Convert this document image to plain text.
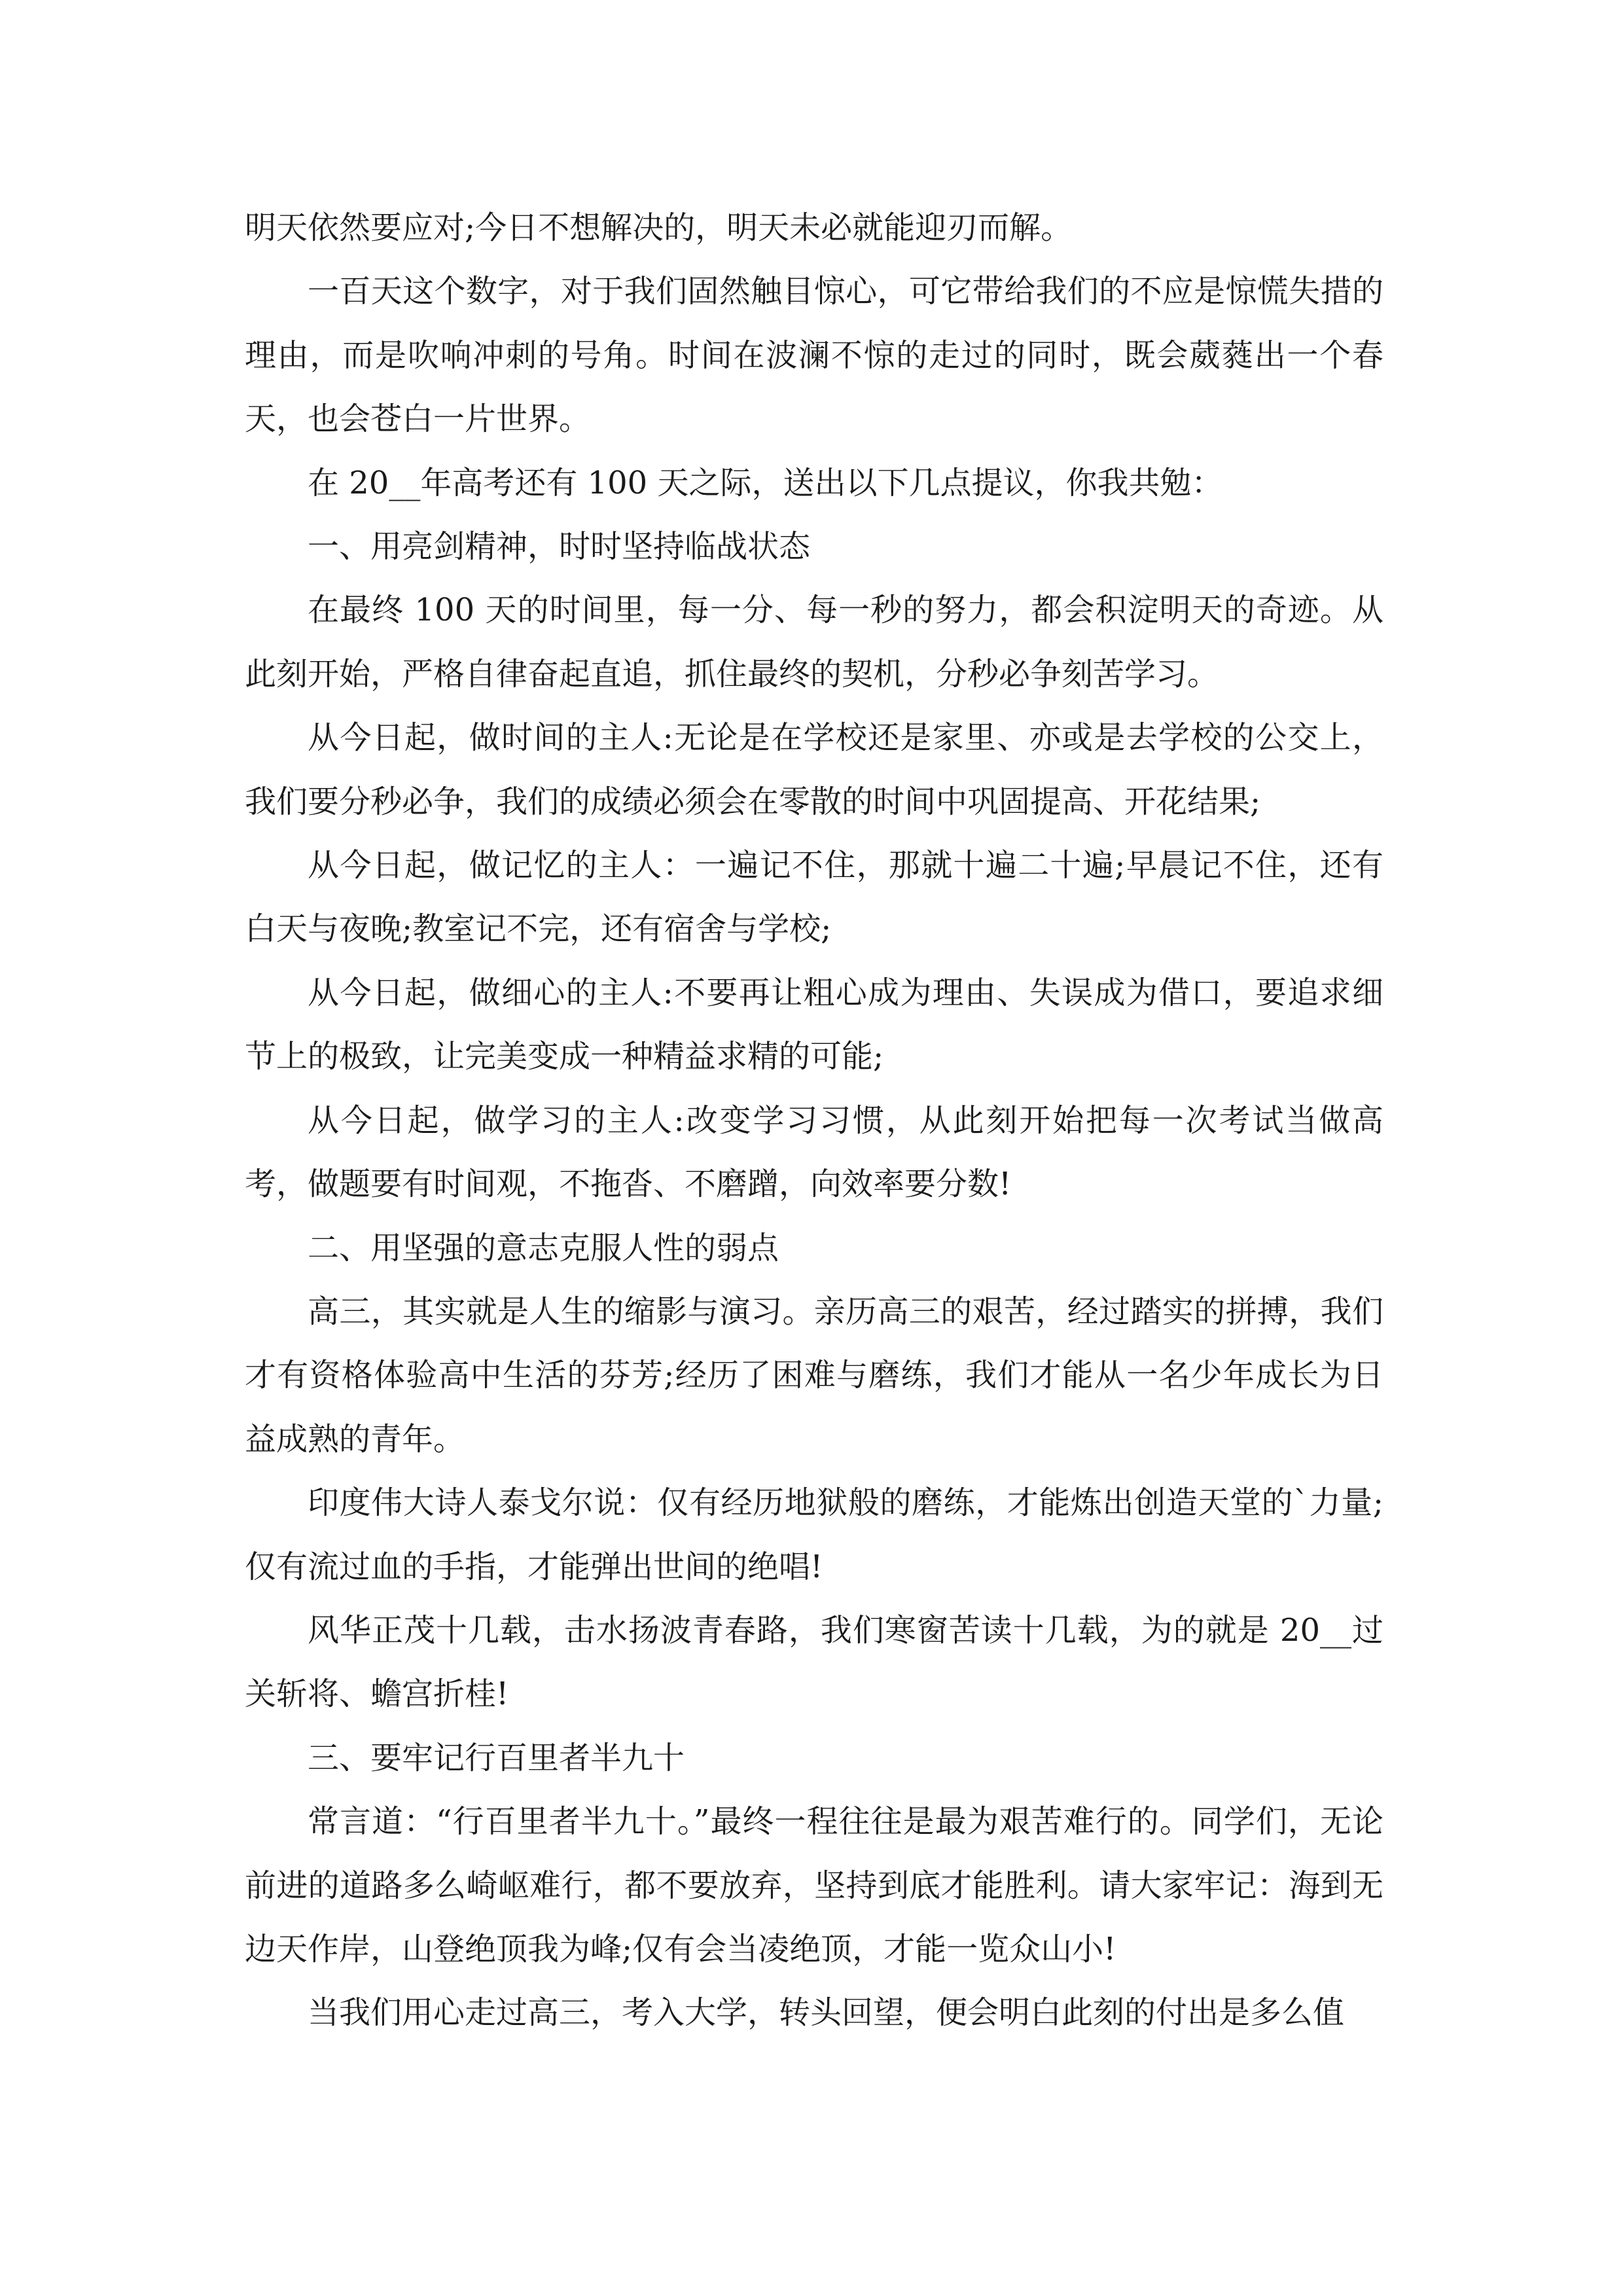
明天依然要应对;今日不想解决的，明天未必就能迎刃而解。

一百天这个数字，对于我们固然触目惊心，可它带给我们的不应是惊慌失措的理由，而是吹响冲刺的号角。时间在波澜不惊的走过的同时，既会葳蕤出一个春天，也会苍白一片世界。

在 20__年高考还有 100 天之际，送出以下几点提议，你我共勉：

一、用亮剑精神，时时坚持临战状态

在最终 100 天的时间里，每一分、每一秒的努力，都会积淀明天的奇迹。从此刻开始，严格自律奋起直追，抓住最终的契机，分秒必争刻苦学习。

从今日起，做时间的主人:无论是在学校还是家里、亦或是去学校的公交上，我们要分秒必争，我们的成绩必须会在零散的时间中巩固提高、开花结果;

从今日起，做记忆的主人：一遍记不住，那就十遍二十遍;早晨记不住，还有白天与夜晚;教室记不完，还有宿舍与学校;

从今日起，做细心的主人:不要再让粗心成为理由、失误成为借口，要追求细节上的极致，让完美变成一种精益求精的可能;

从今日起，做学习的主人:改变学习习惯，从此刻开始把每一次考试当做高考，做题要有时间观，不拖沓、不磨蹭，向效率要分数!

二、用坚强的意志克服人性的弱点

高三，其实就是人生的缩影与演习。亲历高三的艰苦，经过踏实的拼搏，我们才有资格体验高中生活的芬芳;经历了困难与磨练，我们才能从一名少年成长为日益成熟的青年。

印度伟大诗人泰戈尔说：仅有经历地狱般的磨练，才能炼出创造天堂的`力量;仅有流过血的手指，才能弹出世间的绝唱!

风华正茂十几载，击水扬波青春路，我们寒窗苦读十几载，为的就是 20__过关斩将、蟾宫折桂!

三、要牢记行百里者半九十

常言道：“行百里者半九十。”最终一程往往是最为艰苦难行的。同学们，无论前进的道路多么崎岖难行，都不要放弃，坚持到底才能胜利。请大家牢记：海到无边天作岸，山登绝顶我为峰;仅有会当凌绝顶，才能一览众山小!

当我们用心走过高三，考入大学，转头回望，便会明白此刻的付出是多么值
